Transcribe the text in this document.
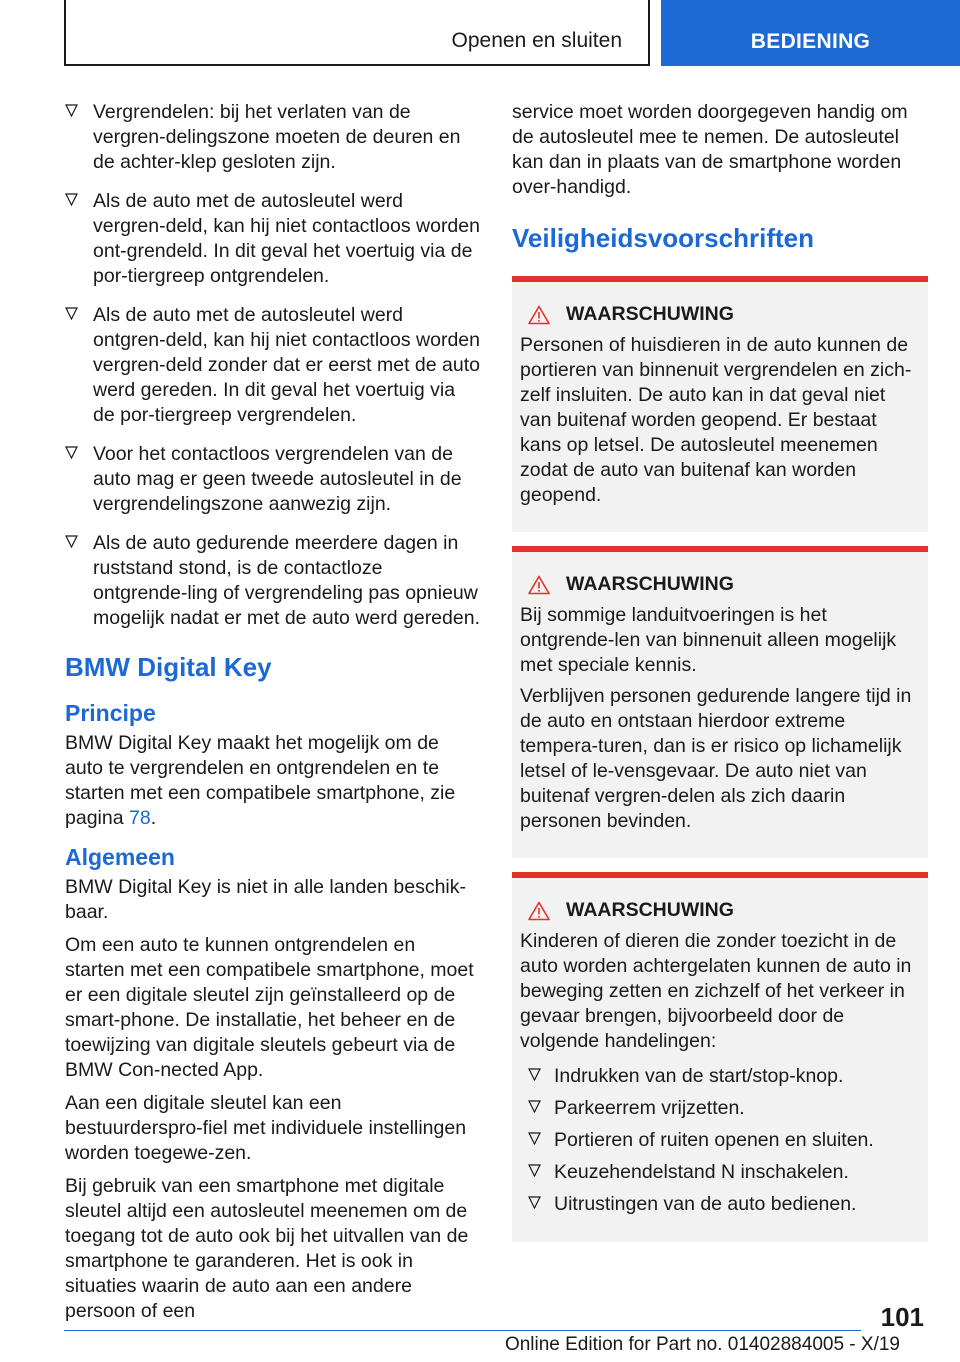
Openen en sluiten	BEDIENING
Vergrendelen: bij het verlaten van de vergren-delingszone moeten de deuren en de achter-klep gesloten zijn.
Als de auto met de autosleutel werd vergren-deld, kan hij niet contactloos worden ont-grendeld. In dit geval het voertuig via de por-tiergreep ontgrendelen.
Als de auto met de autosleutel werd ontgren-deld, kan hij niet contactloos worden vergren-deld zonder dat er eerst met de auto werd gereden. In dit geval het voertuig via de por-tiergreep vergrendelen.
Voor het contactloos vergrendelen van de auto mag er geen tweede autosleutel in de vergrendelingszone aanwezig zijn.
Als de auto gedurende meerdere dagen in ruststand stond, is de contactloze ontgrende-ling of vergrendeling pas opnieuw mogelijk nadat er met de auto werd gereden.
BMW Digital Key
Principe

BMW Digital Key maakt het mogelijk om de auto te vergrendelen en ontgrendelen en te starten met een compatibele smartphone, zie pagina 78.

Algemeen

BMW Digital Key is niet in alle landen beschik-baar.

Om een auto te kunnen ontgrendelen en starten met een compatibele smartphone, moet er een digitale sleutel zijn geïnstalleerd op de smart-phone. De installatie, het beheer en de toewijzing van digitale sleutels gebeurt via de BMW Con-nected App.

Aan een digitale sleutel kan een bestuurderspro-fiel met individuele instellingen worden toegewe-zen.

Bij gebruik van een smartphone met digitale sleutel altijd een autosleutel meenemen om de toegang tot de auto ook bij het uitvallen van de smartphone te garanderen. Het is ook in situaties waarin de auto aan een andere persoon of een

service moet worden doorgegeven handig om de autosleutel mee te nemen. De autosleutel kan dan in plaats van de smartphone worden over-handigd.

Veiligheidsvoorschriften
WAARSCHUWING

Personen of huisdieren in de auto kunnen de portieren van binnenuit vergrendelen en zich-zelf insluiten. De auto kan in dat geval niet van buitenaf worden geopend. Er bestaat kans op letsel. De autosleutel meenemen zodat de auto van buitenaf kan worden geopend.

WAARSCHUWING

Bij sommige landuitvoeringen is het ontgrende-len van binnenuit alleen mogelijk met speciale kennis.

Verblijven personen gedurende langere tijd in de auto en ontstaan hierdoor extreme tempera-turen, dan is er risico op lichamelijk letsel of le-vensgevaar. De auto niet van buitenaf vergren-delen als zich daarin personen bevinden.

WAARSCHUWING

Kinderen of dieren die zonder toezicht in de auto worden achtergelaten kunnen de auto in beweging zetten en zichzelf of het verkeer in gevaar brengen, bijvoorbeeld door de volgende handelingen:

Indrukken van de start/stop-knop.
Parkeerrem vrijzetten.
Portieren of ruiten openen en sluiten.
Keuzehendelstand N inschakelen.
Uitrustingen van de auto bedienen.
101
Online Edition for Part no. 01402884005 - X/19
